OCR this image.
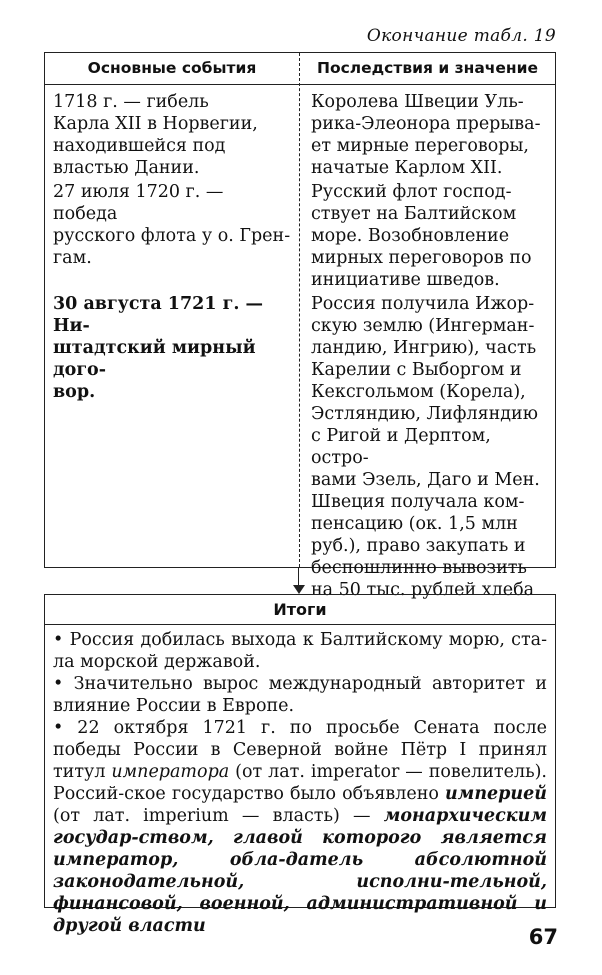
Окончание табл. 19
Основные события	Последствия и значение
1718 г. — гибель
Карла XII в Норвегии,
находившейся под
властью Дании.
Королева Швеции Уль-
рика-Элеонора прерыва-
ет мирные переговоры,
начатые Карлом XII.
27 июля 1720 г. — победа
русского флота у о. Грен-
гам.
Русский флот господ-
ствует на Балтийском
море. Возобновление
мирных переговоров по
инициативе шведов.
30 августа 1721 г. — Ни-
штадтский мирный дого-
вор.
Россия получила Ижор-
скую землю (Ингерман-
ландию, Ингрию), часть
Карелии с Выборгом и
Кексгольмом (Корела),
Эстляндию, Лифляндию
с Ригой и Дерптом, остро-
вами Эзель, Даго и Мен.
Швеция получала ком-
пенсацию (ок. 1,5 млн
руб.), право закупать и
беспошлинно вывозить
на 50 тыс. рублей хлеба
Итоги

• Россия добилась выхода к Балтийскому морю, ста-ла морской державой.

• Значительно вырос международный авторитет и влияние России в Европе.

• 22 октября 1721 г. по просьбе Сената после победы России в Северной войне Пётр I принял титул императора (от лат. imperator — повелитель). Россий-ское государство было объявлено империей (от лат. imperium — власть) — монархическим государ-ством, главой которого является император, обла-датель абсолютной законодательной, исполни-тельной, финансовой, военной, административной и другой власти	67
